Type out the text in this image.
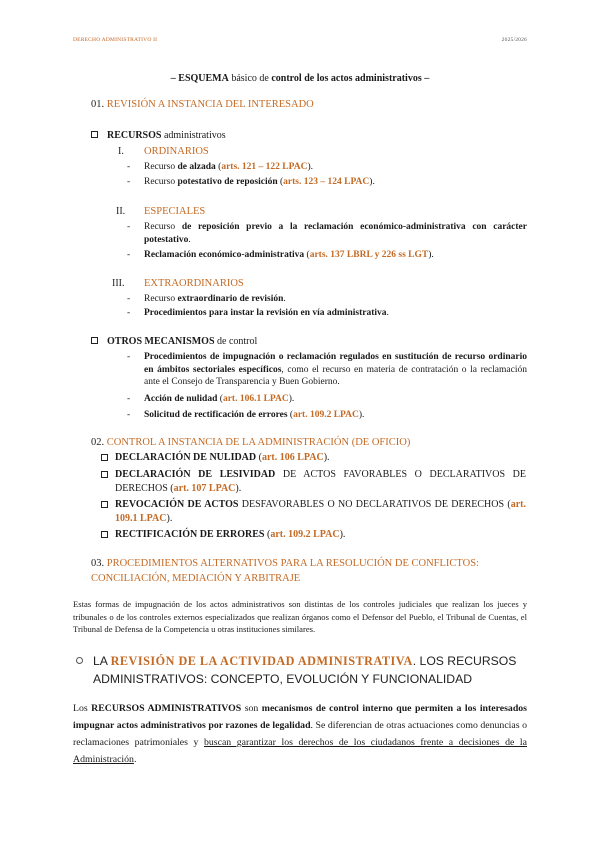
DERECHO ADMINISTRATIVO II	2025/2026
– ESQUEMA básico de control de los actos administrativos –
01. REVISIÓN A INSTANCIA DEL INTERESADO
RECURSOS administrativos
I. ORDINARIOS
- Recurso de alzada (arts. 121 – 122 LPAC).
- Recurso potestativo de reposición (arts. 123 – 124 LPAC).
II. ESPECIALES
- Recurso de reposición previo a la reclamación económico-administrativa con carácter potestativo.
- Reclamación económico-administrativa (arts. 137 LBRL y 226 ss LGT).
III. EXTRAORDINARIOS
- Recurso extraordinario de revisión.
- Procedimientos para instar la revisión en vía administrativa.
OTROS MECANISMOS de control
- Procedimientos de impugnación o reclamación regulados en sustitución de recurso ordinario en ámbitos sectoriales específicos, como el recurso en materia de contratación o la reclamación ante el Consejo de Transparencia y Buen Gobierno.
- Acción de nulidad (art. 106.1 LPAC).
- Solicitud de rectificación de errores (art. 109.2 LPAC).
02. CONTROL A INSTANCIA DE LA ADMINISTRACIÓN (DE OFICIO)
DECLARACIÓN DE NULIDAD (art. 106 LPAC).
DECLARACIÓN DE LESIVIDAD DE ACTOS FAVORABLES O DECLARATIVOS DE DERECHOS (art. 107 LPAC).
REVOCACIÓN DE ACTOS DESFAVORABLES O NO DECLARATIVOS DE DERECHOS (art. 109.1 LPAC).
RECTIFICACIÓN DE ERRORES (art. 109.2 LPAC).
03. PROCEDIMIENTOS ALTERNATIVOS PARA LA RESOLUCIÓN DE CONFLICTOS: CONCILIACIÓN, MEDIACIÓN Y ARBITRAJE
Estas formas de impugnación de los actos administrativos son distintas de los controles judiciales que realizan los jueces y tribunales o de los controles externos especializados que realizan órganos como el Defensor del Pueblo, el Tribunal de Cuentas, el Tribunal de Defensa de la Competencia u otras instituciones similares.
LA REVISIÓN DE LA ACTIVIDAD ADMINISTRATIVA. LOS RECURSOS ADMINISTRATIVOS: CONCEPTO, EVOLUCIÓN Y FUNCIONALIDAD
Los RECURSOS ADMINISTRATIVOS son mecanismos de control interno que permiten a los interesados impugnar actos administrativos por razones de legalidad. Se diferencian de otras actuaciones como denuncias o reclamaciones patrimoniales y buscan garantizar los derechos de los ciudadanos frente a decisiones de la Administración.
